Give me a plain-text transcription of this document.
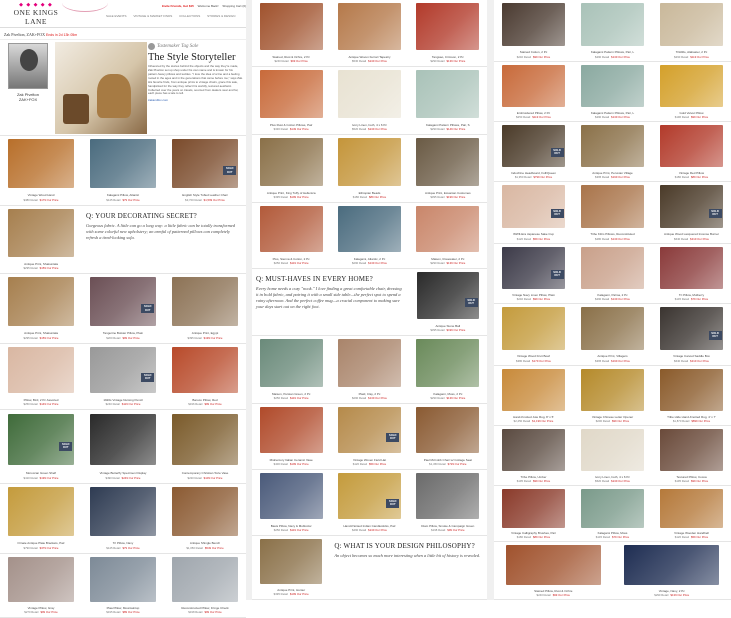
◆ ◆ ◆ ◆ ◆
ONE KINGS LANE
Invite Friends, Get $15 Welcome Back! Shopping Cart (0)
SALE EVENTS VINTAGE & MARKET FINDS COLLECTIONS STORIES & DESIGN
Zak Pivelton, ZAK+FOX Ends in 2d 13h 05m
Zak Pivelton ZAK+FOX
Tastemaker Tag Sale
The Style Storyteller
Influenced by the stories behind the objects and the way they're made, Zak Pivelton set up shop under his own name and is known for his pattern-heavy pillows and textiles. "I love the idea of a line and a feeling rooted in the ages and in the generations that came before me," says Zak. His favorite finds, from antique prints to vintage chairs, grace this sale, handpicked for the way they reflect his worldly, textured aesthetic. Collected over the years on travels, sourced from dealers near and far, each piece has a tale to tell.
zakandfox.com
Vintage Wood Hand
$380 Retail $179 Our Price
Kalagami Pillow, Atlantic
$145 Retail $79 Our Price
SOLD OUT
English Style Tufted Leather Chair
$3,700 Retail $1,599 Our Price
Antique Print, Shakuntala
$295 Retail $159 Our Price
Q: YOUR DECORATING SECRET?
Gorgeous fabric. A little can go a long way: a little fabric can be totally transformed with some colorful new upholstery; an armful of patterned pillows can completely refresh a tired-looking sofa.
Antique Print, Shakuntala
$295 Retail $159 Our Price
SOLD OUT
Tangerine Bolster Pillow, Plain
$200 Retail $99 Our Price
Antique Print, Egypt
$395 Retail $199 Our Price
Pillow, Bird, 2 Pc Assorted
$250 Retail $149 Our Price
SOLD OUT
1920s Vintage Nursing Pencil
$240 Retail $119 Our Price
Baroco Pillow, Red
$196 Retail $99 Our Price
SOLD OUT
Moroccan Green Shelf
$410 Retail $199 Our Price
Vintage Butterfly Specimen Display
$490 Retail $249 Our Price
Contemporary Christian Torte Vase
$220 Retail $109 Our Price
Ornate Antique Plate Brackets, Pair
$790 Retail $379 Our Price
Tri Pillow, Navy
$145 Retail $79 Our Price
Antique Shingle Bench
$1,050 Retail $549 Our Price
Vintage Pillow, Gray
$270 Retail $99 Our Price
Plaa Pillow, Mountaintop
$195 Retail $89 Our Price
Reconstructed Pillow, Fringe Check
$198 Retail $99 Our Price
Stained, Rust & Ochre, 2 Pc
$240 Retail $99 Our Price
Antique Woven Ferrari Tapestry
$530 Retail $249 Our Price
Tangsao, Crimson, 2 Pc
$290 Retail $139 Our Price
Plus Rust & Cotton Pillows, Pair
$330 Retail $149 Our Price
Ivory Linen, Ireth, 4 x 6 Pc
$520 Retail $249 Our Price
Kalagami Pattern Pillows, Pair, S
$290 Retail $149 Our Price
Antique Print, King Tuffy of Hellenica
$395 Retail $199 Our Price
Ethiopian Beads
$180 Retail $89 Our Price
Antique Print, Ecuanian Costumes
$395 Retail $199 Our Price
Plus, Sienna & Cotton, 2 Pc
$250 Retail $119 Our Price
Kalagami, Atlantic, 2 Pc
$290 Retail $139 Our Price
Maison, Rosewater, 2 Pc
$290 Retail $139 Our Price
Q: MUST-HAVES IN EVERY HOME?
Every home needs a cozy "nook." I love finding a great comfortable chair, dressing it in bold fabric, and pairing it with a small side table—the perfect spot to spend a rainy afternoon. And the perfect coffee mug—a crucial component to making sure your days start out on the right foot.
SOLD OUT
Antique Stone Ball
$395 Retail $199 Our Price
Maison, Persian Green, 2 Pc
$250 Retail $119 Our Price
Plaid, Clay, 2 Pc
$290 Retail $139 Our Price
Kalagami, Moss, 2 Pc
$290 Retail $139 Our Price
Midcentury Italian Ceramic Vase
$400 Retail $199 Our Price
SOLD OUT
Vintage Woven Field Hat
$120 Retail $59 Our Price
Paul McCobb Chair w/ Cottage Seat
$1,450 Retail $729 Our Price
Basis Pillow, Navy & Multicolor
$250 Retail $119 Our Price
SOLD OUT
Hand-Painted Indian Candlesticks, Pair
$490 Retail $249 Our Price
Diam Pillow, Smoke & Campaign Green
$198 Retail $99 Our Price
Antique Print, Hunter
$395 Retail $199 Our Price
Q: WHAT IS YOUR DESIGN PHILOSOPHY?
An object becomes so much more interesting when a little bit of history is revealed.
Stained Cotton, 2 Pc
$240 Retail $99 Our Price
Kalagami Pattern Pillows, Pair, L
$290 Retail $139 Our Price
Trikilillo, Alabaster, 2 Pc
$290 Retail $119 Our Price
Embroidered Pillow, 2 Pc
$250 Retail $119 Our Price
Kalagami Pattern Pillows, Pair, L
$290 Retail $139 Our Price
Gold Velvet Pillow
$196 Retail $99 Our Price
SOLD OUT
Indochine Headboard, Full/Queen
$1,950 Retail $799 Our Price
Antique Print, Peruvian Village
$395 Retail $199 Our Price
Vintage Red Pillow
$180 Retail $89 Our Price
SOLD OUT
WWII-Era Japanese Sake Cup
$120 Retail $59 Our Price
Tribe Kilim Pillows, Reconstituted
$280 Retail $139 Our Price
SOLD OUT
Antique Wood Lacquered Incense Burner
$640 Retail $319 Our Price
SOLD OUT
Vintage Navy Linen Pillow, Plain
$240 Retail $99 Our Price
Kalagami, Palma, 2 Pc
$290 Retail $139 Our Price
Tri Pillow, Mulberry
$145 Retail $79 Our Price
Vintage Wood Fruit Bowl
$380 Retail $179 Our Price
Antique Print, Villagers
$395 Retail $199 Our Price
SOLD OUT
Vintage Carved Saddle Box
$640 Retail $319 Our Price
Hand-Knotted Jute Rug, 8' x 5'
$2,450 Retail $1,199 Our Price
Vintage Chinese Letter Opener
$200 Retail $99 Our Price
Tribe Hide Hand-Knotted Rug, 4' x 7'
$1,870 Retail $899 Our Price
Tribe Pillow, Umber
$195 Retail $99 Our Price
Ivory Linen, Ireth, 4 x 6 Pc
$520 Retail $249 Our Price
Textured Pillow, Cocoa
$195 Retail $99 Our Price
Vintage Calligraphy Brushes, Pair
$180 Retail $89 Our Price
Kalagami Pillow, Moss
$145 Retail $79 Our Price
Vintage Wooden Handbell
$120 Retail $59 Our Price
Stained Pillow, Rust & Ochre
$240 Retail $99 Our Price
Vintage, Navy, 2 Pc
$290 Retail $139 Our Price
